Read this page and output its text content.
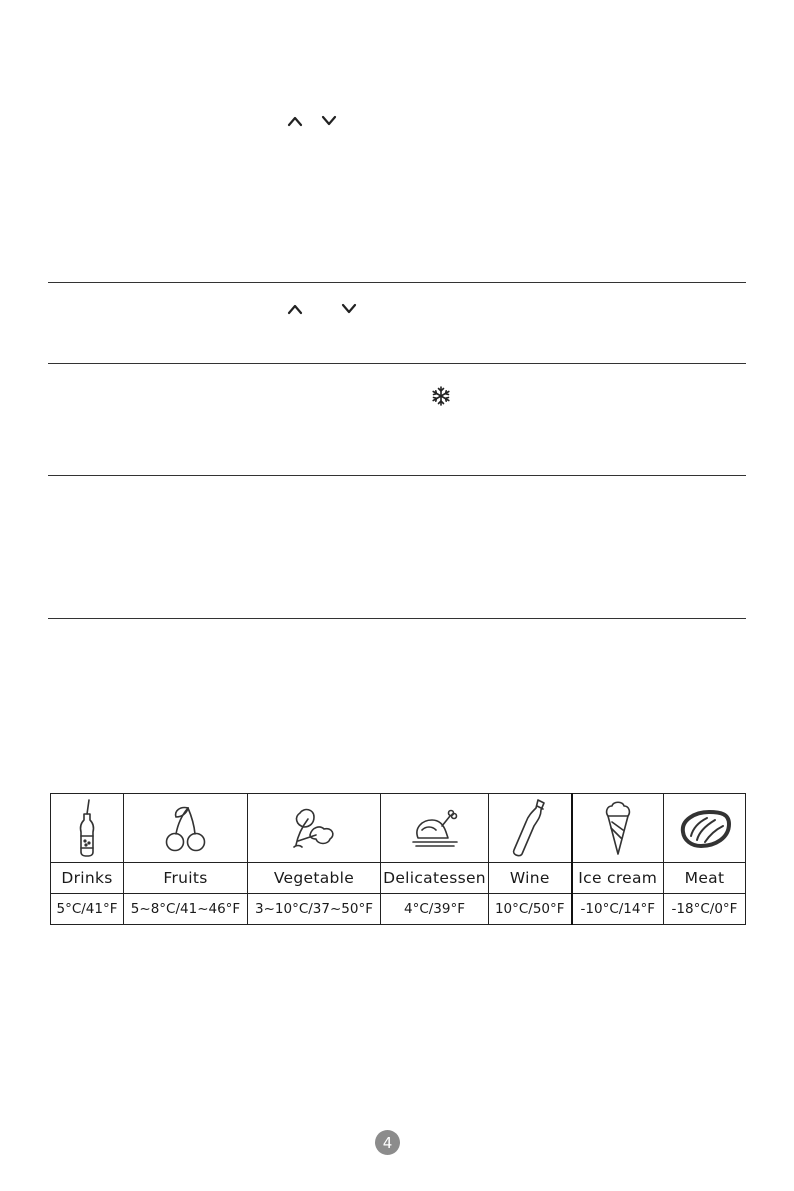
Drinks	Fruits	Vegetable	Delicatessen	Wine	Ice cream	Meat
5°C/41°F	5~8°C/41~46°F	3~10°C/37~50°F	4°C/39°F	10°C/50°F	-10°C/14°F	-18°C/0°F
4
